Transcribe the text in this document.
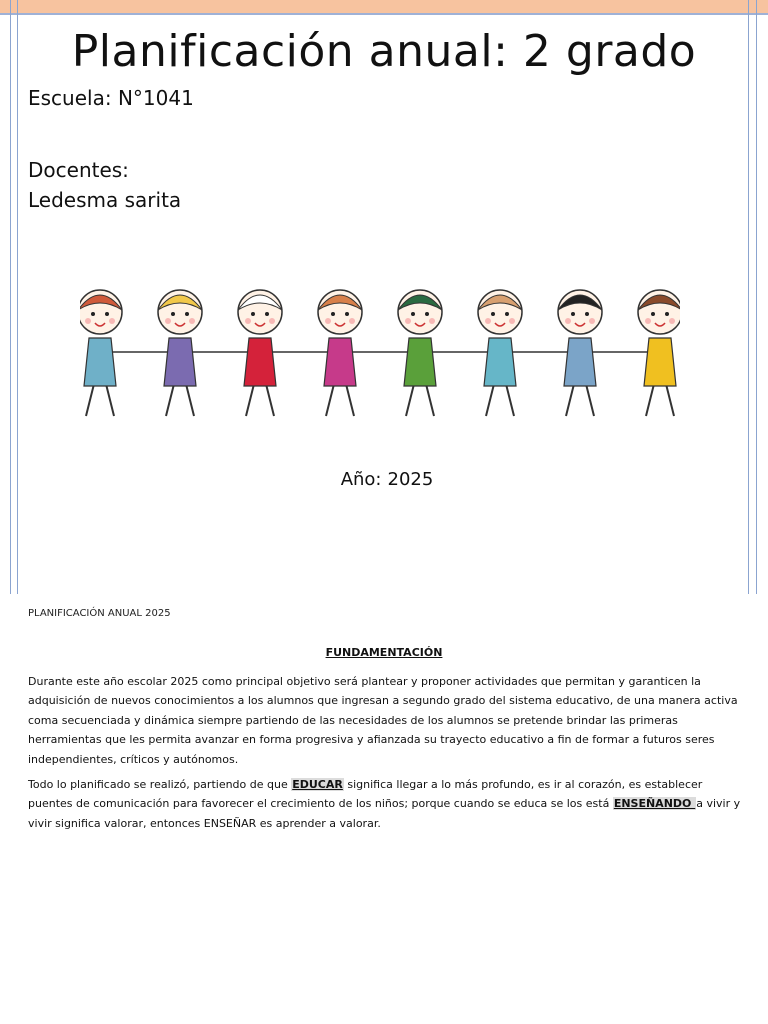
Planificación anual: 2 grado
Escuela: N°1041
Docentes:
Ledesma sarita
Año: 2025
PLANIFICACIÓN ANUAL 2025
FUNDAMENTACIÓN

Durante este año escolar 2025 como principal objetivo será plantear y proponer actividades que permitan y garanticen la adquisición de nuevos conocimientos a los alumnos que ingresan a segundo grado del sistema educativo, de una manera activa coma secuenciada y dinámica siempre partiendo de las necesidades de los alumnos se pretende brindar las primeras herramientas que les permita avanzar en forma progresiva y afianzada su trayecto educativo a fin de formar a futuros seres independientes, críticos y autónomos.

Todo lo planificado se realizó, partiendo de que EDUCAR significa llegar a lo más profundo, es ir al corazón, es establecer puentes de comunicación para favorecer el crecimiento de los niños; porque cuando se educa se los está ENSEÑANDO a vivir y vivir significa valorar, entonces ENSEÑAR es aprender a valorar.
